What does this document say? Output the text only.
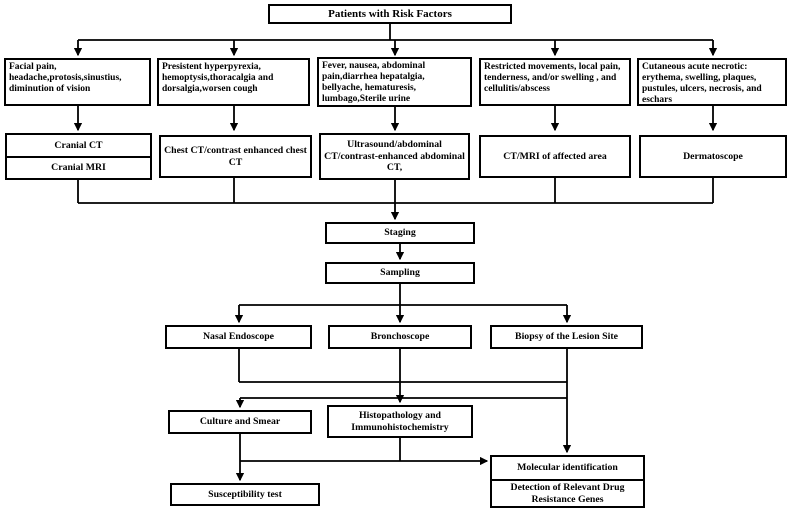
Patients with Risk Factors
Facial pain, headache,protosis,sinustius, diminution of vision
Presistent hyperpyrexia, hemoptysis,thoracalgia and dorsalgia,worsen cough
Fever, nausea, abdominal pain,diarrhea hepatalgia, bellyache, hematuresis, lumbago,Sterile urine
Restricted movements, local pain, tenderness, and/or swelling , and cellulitis/abscess
Cutaneous acute necrotic: erythema, swelling, plaques, pustules, ulcers, necrosis, and eschars
Cranial CT
Cranial MRI
Chest CT/contrast enhanced chest CT
Ultrasound/abdominal CT/contrast-enhanced abdominal CT,
CT/MRI of affected area	Dermatoscope
Staging
Sampling
Nasal Endoscope	Bronchoscope	Biopsy of the Lesion Site
Culture and Smear
Histopathology and Immunohistochemistry
Susceptibility test
Molecular identification
Detection of Relevant Drug Resistance Genes
